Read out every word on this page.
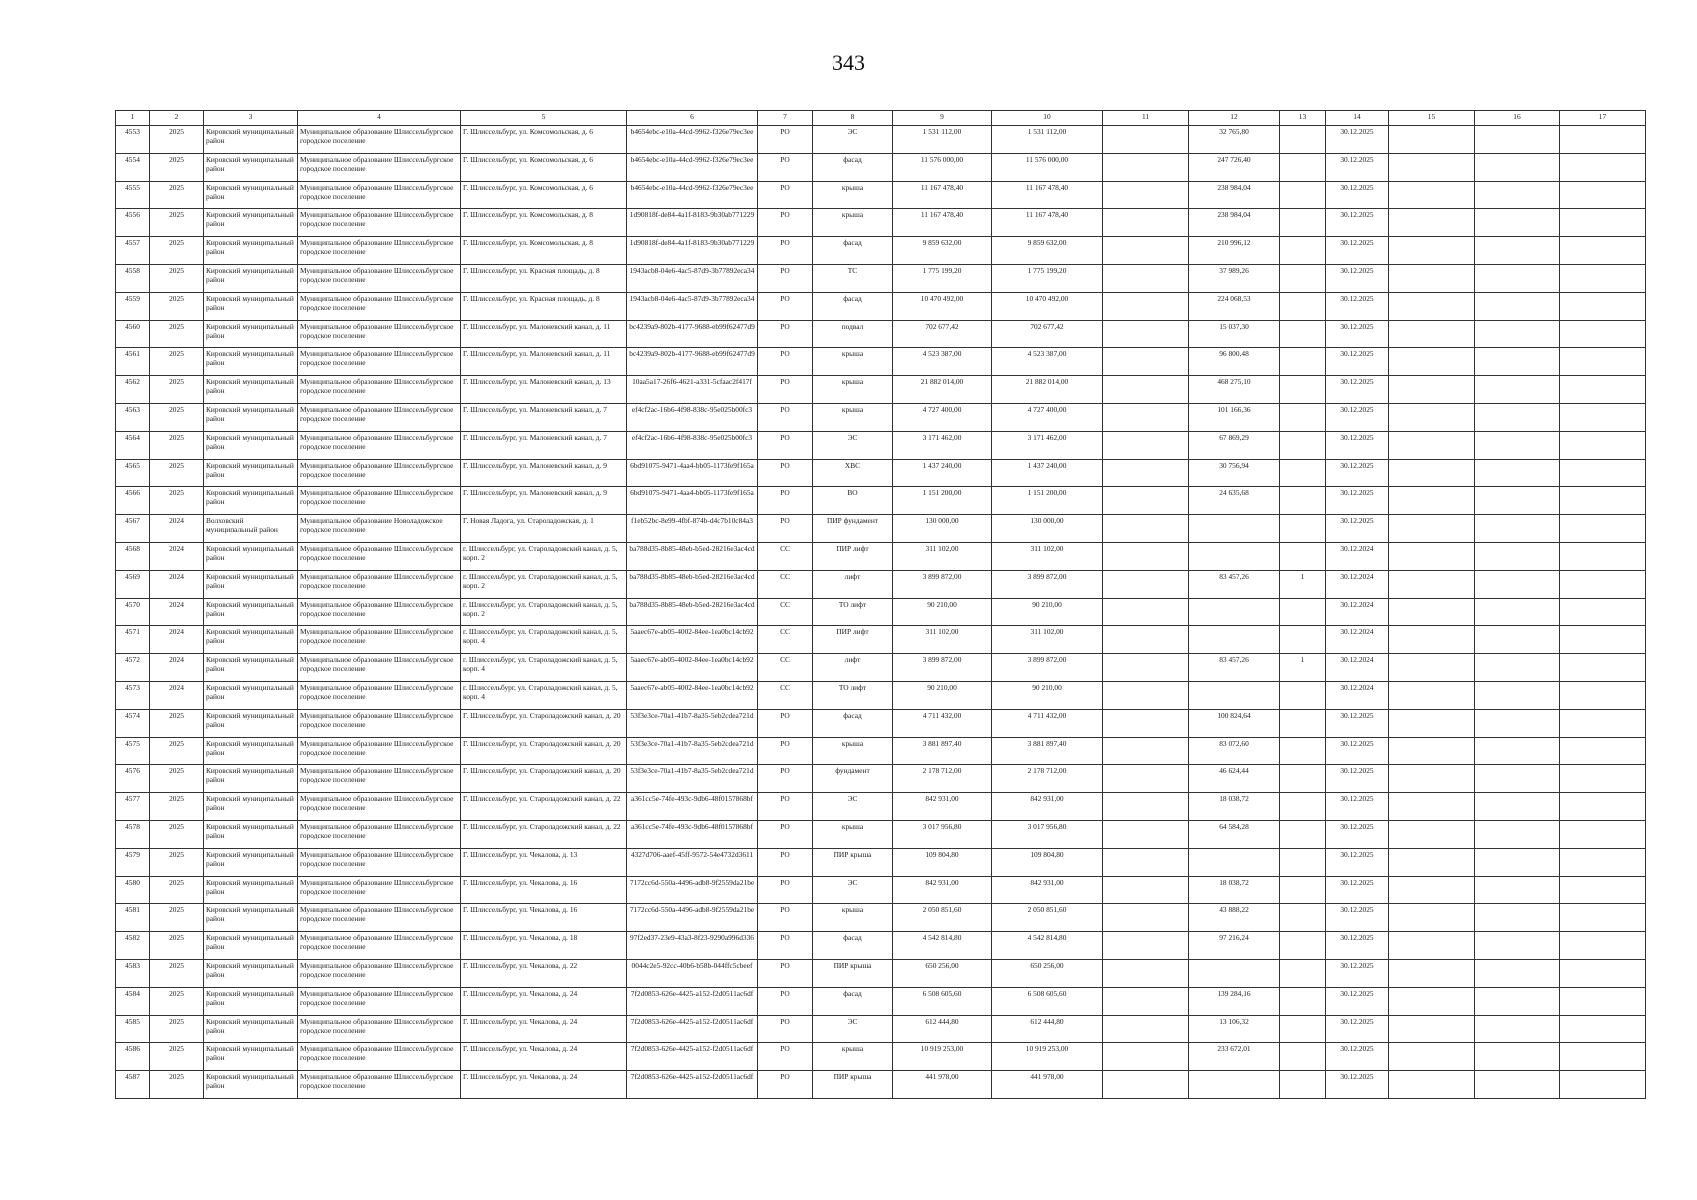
343
1	2	3	4	5	6	7	8	9	10	11	12	13	14	15	16	17
4553	2025	Кировский муниципальный район	Муниципальное образование Шлиссельбургское городское поселение	Г. Шлиссельбург, ул. Комсомольская, д. 6	b4654ebc-e10a-44cd-9962-f326e79ec3ee	РО	ЭС	1 531 112,00	1 531 112,00		32 765,80		30.12.2025			
4554	2025	Кировский муниципальный район	Муниципальное образование Шлиссельбургское городское поселение	Г. Шлиссельбург, ул. Комсомольская, д. 6	b4654ebc-e10a-44cd-9962-f326e79ec3ee	РО	фасад	11 576 000,00	11 576 000,00		247 726,40		30.12.2025			
4555	2025	Кировский муниципальный район	Муниципальное образование Шлиссельбургское городское поселение	Г. Шлиссельбург, ул. Комсомольская, д. 6	b4654ebc-e10a-44cd-9962-f326e79ec3ee	РО	крыша	11 167 478,40	11 167 478,40		238 984,04		30.12.2025			
4556	2025	Кировский муниципальный район	Муниципальное образование Шлиссельбургское городское поселение	Г. Шлиссельбург, ул. Комсомольская, д. 8	1d90818f-de84-4a1f-8183-9b30ab771229	РО	крыша	11 167 478,40	11 167 478,40		238 984,04		30.12.2025			
4557	2025	Кировский муниципальный район	Муниципальное образование Шлиссельбургское городское поселение	Г. Шлиссельбург, ул. Комсомольская, д. 8	1d90818f-de84-4a1f-8183-9b30ab771229	РО	фасад	9 859 632,00	9 859 632,00		210 996,12		30.12.2025			
4558	2025	Кировский муниципальный район	Муниципальное образование Шлиссельбургское городское поселение	Г. Шлиссельбург, ул. Красная площадь, д. 8	1943acb8-04e6-4ac5-87d9-3b77892eca34	РО	ТС	1 775 199,20	1 775 199,20		37 989,26		30.12.2025			
4559	2025	Кировский муниципальный район	Муниципальное образование Шлиссельбургское городское поселение	Г. Шлиссельбург, ул. Красная площадь, д. 8	1943acb8-04e6-4ac5-87d9-3b77892eca34	РО	фасад	10 470 492,00	10 470 492,00		224 068,53		30.12.2025			
4560	2025	Кировский муниципальный район	Муниципальное образование Шлиссельбургское городское поселение	Г. Шлиссельбург, ул. Малоневский канал, д. 11	bc4239a9-802b-4177-9688-eb99f62477d9	РО	подвал	702 677,42	702 677,42		15 037,30		30.12.2025			
4561	2025	Кировский муниципальный район	Муниципальное образование Шлиссельбургское городское поселение	Г. Шлиссельбург, ул. Малоневский канал, д. 11	bc4239a9-802b-4177-9688-eb99f62477d9	РО	крыша	4 523 387,00	4 523 387,00		96 800,48		30.12.2025			
4562	2025	Кировский муниципальный район	Муниципальное образование Шлиссельбургское городское поселение	Г. Шлиссельбург, ул. Малоневский канал, д. 13	10aa5a17-26f6-4621-a331-5cfaac2f417f	РО	крыша	21 882 014,00	21 882 014,00		468 275,10		30.12.2025			
4563	2025	Кировский муниципальный район	Муниципальное образование Шлиссельбургское городское поселение	Г. Шлиссельбург, ул. Малоневский канал, д. 7	ef4cf2ac-16b6-4f98-838c-95e025b00fc3	РО	крыша	4 727 400,00	4 727 400,00		101 166,36		30.12.2025			
4564	2025	Кировский муниципальный район	Муниципальное образование Шлиссельбургское городское поселение	Г. Шлиссельбург, ул. Малоневский канал, д. 7	ef4cf2ac-16b6-4f98-838c-95e025b00fc3	РО	ЭС	3 171 462,00	3 171 462,00		67 869,29		30.12.2025			
4565	2025	Кировский муниципальный район	Муниципальное образование Шлиссельбургское городское поселение	Г. Шлиссельбург, ул. Малоневский канал, д. 9	6bd91075-9471-4aa4-bb05-1173fe9f165a	РО	ХВС	1 437 240,00	1 437 240,00		30 756,94		30.12.2025			
4566	2025	Кировский муниципальный район	Муниципальное образование Шлиссельбургское городское поселение	Г. Шлиссельбург, ул. Малоневский канал, д. 9	6bd91075-9471-4aa4-bb05-1173fe9f165a	РО	ВО	1 151 200,00	1 151 200,00		24 635,68		30.12.2025			
4567	2024	Волховский муниципальный район	Муниципальное образование Новоладожское городское поселение	Г. Новая Ладога, ул. Староладожская, д. 1	f1eb52bc-8e99-4fbf-874b-d4c7b10c84a3	РО	ПИР фундамент	130 000,00	130 000,00				30.12.2025			
4568	2024	Кировский муниципальный район	Муниципальное образование Шлиссельбургское городское поселение	г. Шлиссельбург, ул. Староладожский канал, д. 5, корп. 2	ba788d35-8b85-48eb-b5ed-28216e3ac4cd	СС	ПИР лифт	311 102,00	311 102,00				30.12.2024			
4569	2024	Кировский муниципальный район	Муниципальное образование Шлиссельбургское городское поселение	г. Шлиссельбург, ул. Староладожский канал, д. 5, корп. 2	ba788d35-8b85-48eb-b5ed-28216e3ac4cd	СС	лифт	3 899 872,00	3 899 872,00		83 457,26	1	30.12.2024			
4570	2024	Кировский муниципальный район	Муниципальное образование Шлиссельбургское городское поселение	г. Шлиссельбург, ул. Староладожский канал, д. 5, корп. 2	ba788d35-8b85-48eb-b5ed-28216e3ac4cd	СС	ТО лифт	90 210,00	90 210,00				30.12.2024			
4571	2024	Кировский муниципальный район	Муниципальное образование Шлиссельбургское городское поселение	г. Шлиссельбург, ул. Староладожский канал, д. 5, корп. 4	5aaec67e-ab05-4002-84ee-1ea0bc14cb92	СС	ПИР лифт	311 102,00	311 102,00				30.12.2024			
4572	2024	Кировский муниципальный район	Муниципальное образование Шлиссельбургское городское поселение	г. Шлиссельбург, ул. Староладожский канал, д. 5, корп. 4	5aaec67e-ab05-4002-84ee-1ea0bc14cb92	СС	лифт	3 899 872,00	3 899 872,00		83 457,26	1	30.12.2024			
4573	2024	Кировский муниципальный район	Муниципальное образование Шлиссельбургское городское поселение	г. Шлиссельбург, ул. Староладожский канал, д. 5, корп. 4	5aaec67e-ab05-4002-84ee-1ea0bc14cb92	СС	ТО лифт	90 210,00	90 210,00				30.12.2024			
4574	2025	Кировский муниципальный район	Муниципальное образование Шлиссельбургское городское поселение	Г. Шлиссельбург, ул. Староладожский канал, д. 20	53f3e3ce-70a1-41b7-8a35-5eb2cdea721d	РО	фасад	4 711 432,00	4 711 432,00		100 824,64		30.12.2025			
4575	2025	Кировский муниципальный район	Муниципальное образование Шлиссельбургское городское поселение	Г. Шлиссельбург, ул. Староладожский канал, д. 20	53f3e3ce-70a1-41b7-8a35-5eb2cdea721d	РО	крыша	3 881 897,40	3 881 897,40		83 072,60		30.12.2025			
4576	2025	Кировский муниципальный район	Муниципальное образование Шлиссельбургское городское поселение	Г. Шлиссельбург, ул. Староладожский канал, д. 20	53f3e3ce-70a1-41b7-8a35-5eb2cdea721d	РО	фундамент	2 178 712,00	2 178 712,00		46 624,44		30.12.2025			
4577	2025	Кировский муниципальный район	Муниципальное образование Шлиссельбургское городское поселение	Г. Шлиссельбург, ул. Староладожский канал, д. 22	a361cc5e-74fe-493c-9db6-48f0157868bf	РО	ЭС	842 931,00	842 931,00		18 038,72		30.12.2025			
4578	2025	Кировский муниципальный район	Муниципальное образование Шлиссельбургское городское поселение	Г. Шлиссельбург, ул. Староладожский канал, д. 22	a361cc5e-74fe-493c-9db6-48f0157868bf	РО	крыша	3 017 956,80	3 017 956,80		64 584,28		30.12.2025			
4579	2025	Кировский муниципальный район	Муниципальное образование Шлиссельбургское городское поселение	Г. Шлиссельбург, ул. Чекалова, д. 13	4327d706-aaef-45ff-9572-54e4732d3611	РО	ПИР крыша	109 804,80	109 804,80				30.12.2025			
4580	2025	Кировский муниципальный район	Муниципальное образование Шлиссельбургское городское поселение	Г. Шлиссельбург, ул. Чекалова, д. 16	7172cc6d-550a-4496-adb8-9f2559da21be	РО	ЭС	842 931,00	842 931,00		18 038,72		30.12.2025			
4581	2025	Кировский муниципальный район	Муниципальное образование Шлиссельбургское городское поселение	Г. Шлиссельбург, ул. Чекалова, д. 16	7172cc6d-550a-4496-adb8-9f2559da21be	РО	крыша	2 050 851,60	2 050 851,60		43 888,22		30.12.2025			
4582	2025	Кировский муниципальный район	Муниципальное образование Шлиссельбургское городское поселение	Г. Шлиссельбург, ул. Чекалова, д. 18	97f2ed37-23e9-43a3-8f23-9290a996d336	РО	фасад	4 542 814,80	4 542 814,80		97 216,24		30.12.2025			
4583	2025	Кировский муниципальный район	Муниципальное образование Шлиссельбургское городское поселение	Г. Шлиссельбург, ул. Чекалова, д. 22	0044c2e5-92cc-40b6-b58b-044ffc5cbeef	РО	ПИР крыша	650 256,00	650 256,00				30.12.2025			
4584	2025	Кировский муниципальный район	Муниципальное образование Шлиссельбургское городское поселение	Г. Шлиссельбург, ул. Чекалова, д. 24	7f2d0853-626e-4425-a152-f2d0511ac6df	РО	фасад	6 508 605,60	6 508 605,60		139 284,16		30.12.2025			
4585	2025	Кировский муниципальный район	Муниципальное образование Шлиссельбургское городское поселение	Г. Шлиссельбург, ул. Чекалова, д. 24	7f2d0853-626e-4425-a152-f2d0511ac6df	РО	ЭС	612 444,80	612 444,80		13 106,32		30.12.2025			
4586	2025	Кировский муниципальный район	Муниципальное образование Шлиссельбургское городское поселение	Г. Шлиссельбург, ул. Чекалова, д. 24	7f2d0853-626e-4425-a152-f2d0511ac6df	РО	крыша	10 919 253,00	10 919 253,00		233 672,01		30.12.2025			
4587	2025	Кировский муниципальный район	Муниципальное образование Шлиссельбургское городское поселение	Г. Шлиссельбург, ул. Чекалова, д. 24	7f2d0853-626e-4425-a152-f2d0511ac6df	РО	ПИР крыша	441 978,00	441 978,00				30.12.2025			
